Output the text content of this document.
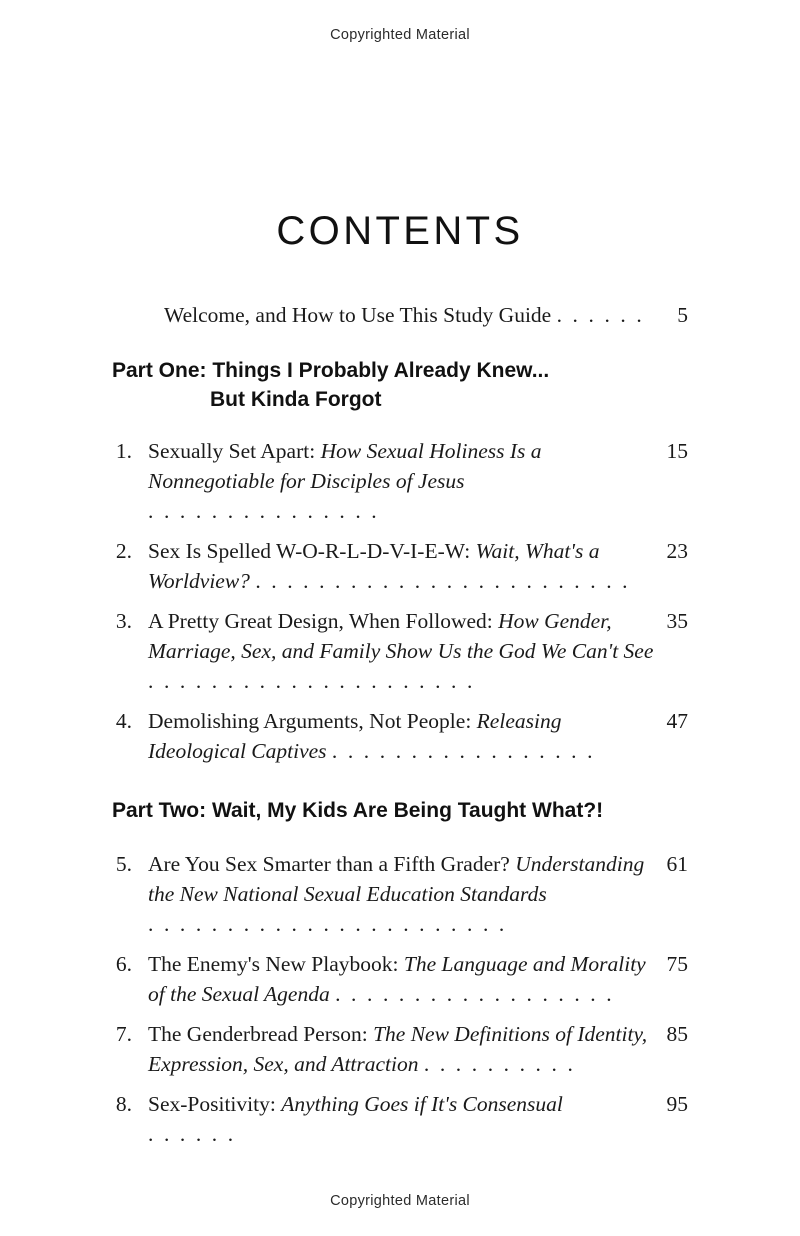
Copyrighted Material
CONTENTS
Welcome, and How to Use This Study Guide . . . . . .	5
Part One: Things I Probably Already Knew...
But Kinda Forgot
1. Sexually Set Apart: How Sexual Holiness Is a Nonnegotiable for Disciples of Jesus . . . . . . . . . . . . . . .
15
2. Sex Is Spelled W-O-R-L-D-V-I-E-W: Wait, What's a Worldview? . . . . . . . . . . . . . . . . . . . . . . . .
23
3. A Pretty Great Design, When Followed: How Gender, Marriage, Sex, and Family Show Us the God We Can't See . . . . . . . . . . . . . . . . . . . . .
35
4. Demolishing Arguments, Not People: Releasing Ideological Captives . . . . . . . . . . . . . . . . .
47
Part Two: Wait, My Kids Are Being Taught What?!
5. Are You Sex Smarter than a Fifth Grader? Understanding the New National Sexual Education Standards . . . . . . . . . . . . . . . . . . . . . . .
61
6. The Enemy's New Playbook: The Language and Morality of the Sexual Agenda . . . . . . . . . . . . . . . . . .
75
7. The Genderbread Person: The New Definitions of Identity, Expression, Sex, and Attraction . . . . . . . . . .
85
8. Sex-Positivity: Anything Goes if It's Consensual . . . . . .
95
Copyrighted Material
